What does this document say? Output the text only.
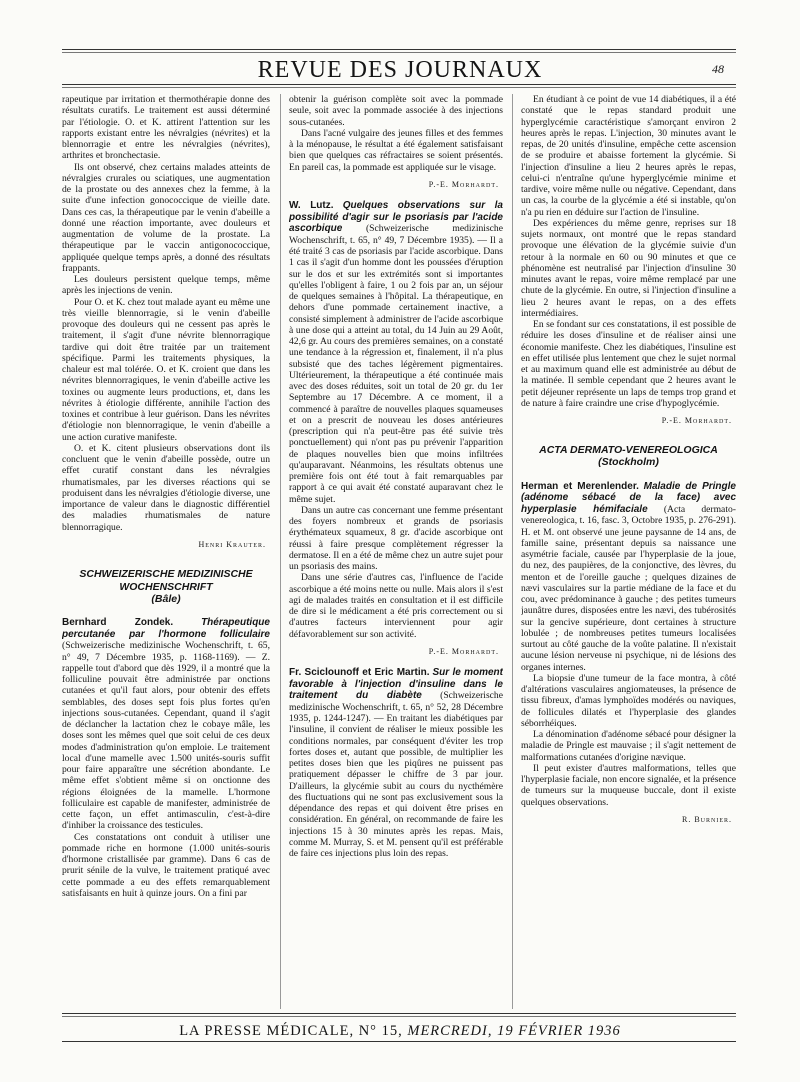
REVUE DES JOURNAUX	48

rapeutique par irritation et thermothérapie donne des résultats curatifs. Le traitement est aussi déterminé par l'étiologie. O. et K. attirent l'attention sur les rapports existant entre les névralgies (névrites) et la blennorragie et entre les névralgies (névrites), arthrites et bronchectasie.

Ils ont observé, chez certains malades atteints de névralgies crurales ou sciatiques, une augmentation de la prostate ou des annexes chez la femme, à la suite d'une infection gonococcique de vieille date. Dans ces cas, la thérapeutique par le venin d'abeille a donné une réaction importante, avec douleurs et augmentation de volume de la prostate. La thérapeutique par le vaccin antigonococcique, appliquée quelque temps après, a donné des résultats frappants.

Les douleurs persistent quelque temps, même après les injections de venin.

Pour O. et K. chez tout malade ayant eu même une très vieille blennorragie, si le venin d'abeille provoque des douleurs qui ne cessent pas après le traitement, il s'agit d'une névrite blennorragique tardive qui doit être traitée par un traitement spécifique. Parmi les traitements physiques, la chaleur est mal tolérée. O. et K. croient que dans les névrites blennorragiques, le venin d'abeille active les toxines ou augmente leurs productions, et, dans les névrites à étiologie différente, annihile l'action des toxines et contribue à leur guérison. Dans les névrites d'étiologie non blennorragique, le venin d'abeille a une action curative manifeste.

O. et K. citent plusieurs observations dont ils concluent que le venin d'abeille possède, outre un effet curatif constant dans les névralgies rhumatismales, par les diverses réactions qui se produisent dans les névralgies d'étiologie diverse, une importance de valeur dans le diagnostic différentiel des maladies rhumatismales de nature blennorragique.

Henri Krauter.
SCHWEIZERISCHE MEDIZINISCHE WOCHENSCHRIFT
(Bâle)

Bernhard Zondek.	Thérapeutique percutanée par l'hormone folliculaire (Schweizerische medizinische Wochenschrift, t. 65, n° 49, 7 Décembre 1935, p. 1168-1169). — Z. rappelle tout d'abord que dès 1929, il a montré que la folliculine pouvait être administrée par onctions cutanées et qu'il faut alors, pour obtenir des effets semblables, des doses sept fois plus fortes qu'en injections sous-cutanées. Cependant, quand il s'agit de déclancher la lactation chez le cobaye mâle, les doses sont les mêmes quel que soit celui de ces deux modes d'administration qu'on emploie. Le traitement local d'une mamelle avec 1.500 unités-souris suffit pour faire apparaître une sécrétion abondante. Le même effet s'obtient même si on onctionne des régions éloignées de la mamelle. L'hormone folliculaire est capable de manifester, administrée de cette façon, un effet antimasculin, c'est-à-dire d'inhiber la croissance des testicules.

Ces constatations ont conduit à utiliser une pommade riche en hormone (1.000 unités-souris d'hormone cristallisée par gramme). Dans 6 cas de prurit sénile de la vulve, le traitement pratiqué avec cette pommade a eu des effets remarquablement satisfaisants en huit à quinze jours. On a fini par

obtenir la guérison complète soit avec la pommade seule, soit avec la pommade associée à des injections sous-cutanées.

Dans l'acné vulgaire des jeunes filles et des femmes à la ménopause, le résultat a été également satisfaisant bien que quelques cas réfractaires se soient présentés. En pareil cas, la pommade est appliquée sur le visage.

P.-E. Morhardt.

W. Lutz. Quelques observations sur la possibilité d'agir sur le psoriasis par l'acide ascorbique (Schweizerische medizinische Wochenschrift, t. 65, n° 49, 7 Décembre 1935). — Il a été traité 3 cas de psoriasis par l'acide ascorbique. Dans 1 cas il s'agit d'un homme dont les poussées d'éruption sur le dos et sur les extrémités sont si importantes qu'elles l'obligent à faire, 1 ou 2 fois par an, un séjour de quelques semaines à l'hôpital. La thérapeutique, en dehors d'une pommade certainement inactive, a consisté simplement à administrer de l'acide ascorbique à une dose qui a atteint au total, du 14 Juin au 29 Août, 42,6 gr. Au cours des premières semaines, on a constaté une tendance à la régression et, finalement, il n'a plus subsisté que des taches légèrement pigmentaires. Ultérieurement, la thérapeutique a été continuée mais avec des doses réduites, soit un total de 20 gr. du 1er Septembre au 17 Décembre. A ce moment, il a commencé à paraître de nouvelles plaques squameuses et on a prescrit de nouveau les doses antérieures (prescription qui n'a peut-être pas été suivie très ponctuellement) qui n'ont pas pu prévenir l'apparition de plaques nouvelles bien que moins infiltrées qu'auparavant. Néanmoins, les résultats obtenus une première fois ont été tout à fait remarquables par rapport à ce qui avait été constaté auparavant chez le même sujet.

Dans un autre cas concernant une femme présentant des foyers nombreux et grands de psoriasis érythémateux squameux, 8 gr. d'acide ascorbique ont réussi à faire presque complètement régresser la dermatose. Il en a été de même chez un autre sujet pour un psoriasis des mains.

Dans une série d'autres cas, l'influence de l'acide ascorbique a été moins nette ou nulle. Mais alors il s'est agi de malades traités en consultation et il est difficile de dire si le médicament a été pris correctement ou si d'autres facteurs interviennent pour agir défavorablement sur son activité.

P.-E. Morhardt.

Fr. Sciclounoff et Eric Martin. Sur le moment favorable à l'injection d'insuline dans le traitement du diabète (Schweizerische medizinische Wochenschrift, t. 65, n° 52, 28 Décembre 1935, p. 1244-1247). — En traitant les diabétiques par l'insuline, il convient de réaliser le mieux possible les conditions normales, par conséquent d'éviter les trop fortes doses et, autant que possible, de multiplier les petites doses bien que les piqûres ne puissent pas pratiquement dépasser le chiffre de 3 par jour. D'ailleurs, la glycémie subit au cours du nycthémère des fluctuations qui ne sont pas exclusivement sous la dépendance des repas et qui doivent être prises en considération. En général, on recommande de faire les injections 15 à 30 minutes après les repas. Mais, comme M. Murray, S. et M. pensent qu'il est préférable de faire ces injections plus loin des repas.

En étudiant à ce point de vue 14 diabétiques, il a été constaté que le repas standard produit une hyperglycémie caractéristique s'amorçant environ 2 heures après le repas. L'injection, 30 minutes avant le repas, de 20 unités d'insuline, empêche cette ascension de se produire et abaisse fortement la glycémie. Si l'injection d'insuline a lieu 2 heures après le repas, celui-ci n'entraîne qu'une hyperglycémie minime et tardive, voire même nulle ou négative. Cependant, dans un cas, la courbe de la glycémie a été si instable, qu'on n'a pu rien en déduire sur l'action de l'insuline.

Des expériences du même genre, reprises sur 18 sujets normaux, ont montré que le repas standard provoque une élévation de la glycémie suivie d'un retour à la normale en 60 ou 90 minutes et que ce phénomène est neutralisé par l'injection d'insuline 30 minutes avant le repas, voire même remplacé par une chute de la glycémie. En outre, si l'injection d'insuline a lieu 2 heures avant le repas, on a des effets intermédiaires.

En se fondant sur ces constatations, il est possible de réduire les doses d'insuline et de réaliser ainsi une économie manifeste. Chez les diabétiques, l'insuline est en effet utilisée plus lentement que chez le sujet normal et au maximum quand elle est administrée au début de la matinée. Il semble cependant que 2 heures avant le petit déjeuner représente un laps de temps trop grand et de nature à faire craindre une crise d'hypoglycémie.

P.-E. Morhardt.
ACTA DERMATO-VENEREOLOGICA
(Stockholm)

Herman et Merenlender. Maladie de Pringle (adénome sébacé de la face) avec hyperplasie hémifaciale (Acta dermato-venereologica, t. 16, fasc. 3, Octobre 1935, p. 276-291). H. et M. ont observé une jeune paysanne de 14 ans, de famille saine, présentant depuis sa naissance une asymétrie faciale, causée par l'hyperplasie de la joue, du nez, des paupières, de la conjonctive, des lèvres, du menton et de l'oreille gauche ; quelques dizaines de nævi vasculaires sur la partie médiane de la face et du cou, avec prédominance à gauche ; des petites tumeurs jaunâtre dures, disposées entre les nævi, des tubérosités sur la gencive supérieure, dont certaines à structure lobulée ; de nombreuses petites tumeurs localisées surtout au côté gauche de la voûte palatine. Il n'existait aucune lésion nerveuse ni psychique, ni de lésions des organes internes.

La biopsie d'une tumeur de la face montra, à côté d'altérations vasculaires angiomateuses, la présence de tissu fibreux, d'amas lymphoïdes modérés ou naviques, de follicules dilatés et l'hyperplasie des glandes séborrhéiques.

La dénomination d'adénome sébacé pour désigner la maladie de Pringle est mauvaise ; il s'agit nettement de malformations cutanées d'origine nævique.

Il peut exister d'autres malformations, telles que l'hyperplasie faciale, non encore signalée, et la présence de tumeurs sur la muqueuse buccale, dont il existe quelques observations.

R. Burnier.
LA PRESSE MÉDICALE, N° 15, MERCREDI, 19 FÉVRIER 1936
